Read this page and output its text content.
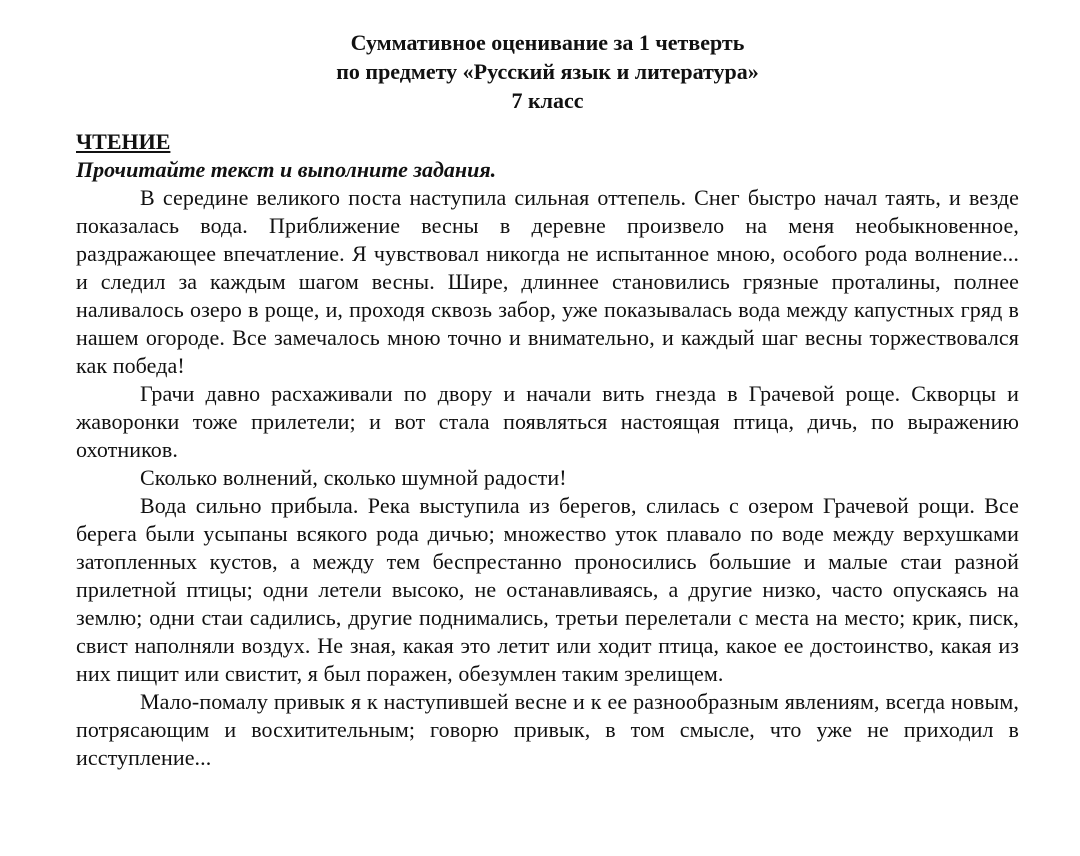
Суммативное оценивание за 1 четверть
по предмету «Русский язык и литература»
7 класс
ЧТЕНИЕ
Прочитайте текст и выполните задания.

В середине великого поста наступила сильная оттепель. Снег быстро начал таять, и везде показалась вода. Приближение весны в деревне произвело на меня необыкновенное, раздражающее впечатление. Я чувствовал никогда не испытанное мною, особого рода волнение... и следил за каждым шагом весны. Шире, длиннее становились грязные проталины, полнее наливалось озеро в роще, и, проходя сквозь забор, уже показывалась вода между капустных гряд в нашем огороде. Все замечалось мною точно и внимательно, и каждый шаг весны торжествовался как победа!

Грачи давно расхаживали по двору и начали вить гнезда в Грачевой роще. Скворцы и жаворонки тоже прилетели; и вот стала появляться настоящая птица, дичь, по выражению охотников.

Сколько волнений, сколько шумной радости!

Вода сильно прибыла. Река выступила из берегов, слилась с озером Грачевой рощи. Все берега были усыпаны всякого рода дичью; множество уток плавало по воде между верхушками затопленных кустов, а между тем беспрестанно проносились большие и малые стаи разной прилетной птицы; одни летели высоко, не останавливаясь, а другие низко, часто опускаясь на землю; одни стаи садились, другие поднимались, третьи перелетали с места на место; крик, писк, свист наполняли воздух. Не зная, какая это летит или ходит птица, какое ее достоинство, какая из них пищит или свистит, я был поражен, обезумлен таким зрелищем.

Мало-помалу привык я к наступившей весне и к ее разнообразным явлениям, всегда новым, потрясающим и восхитительным; говорю привык, в том смысле, что уже не приходил в исступление...
